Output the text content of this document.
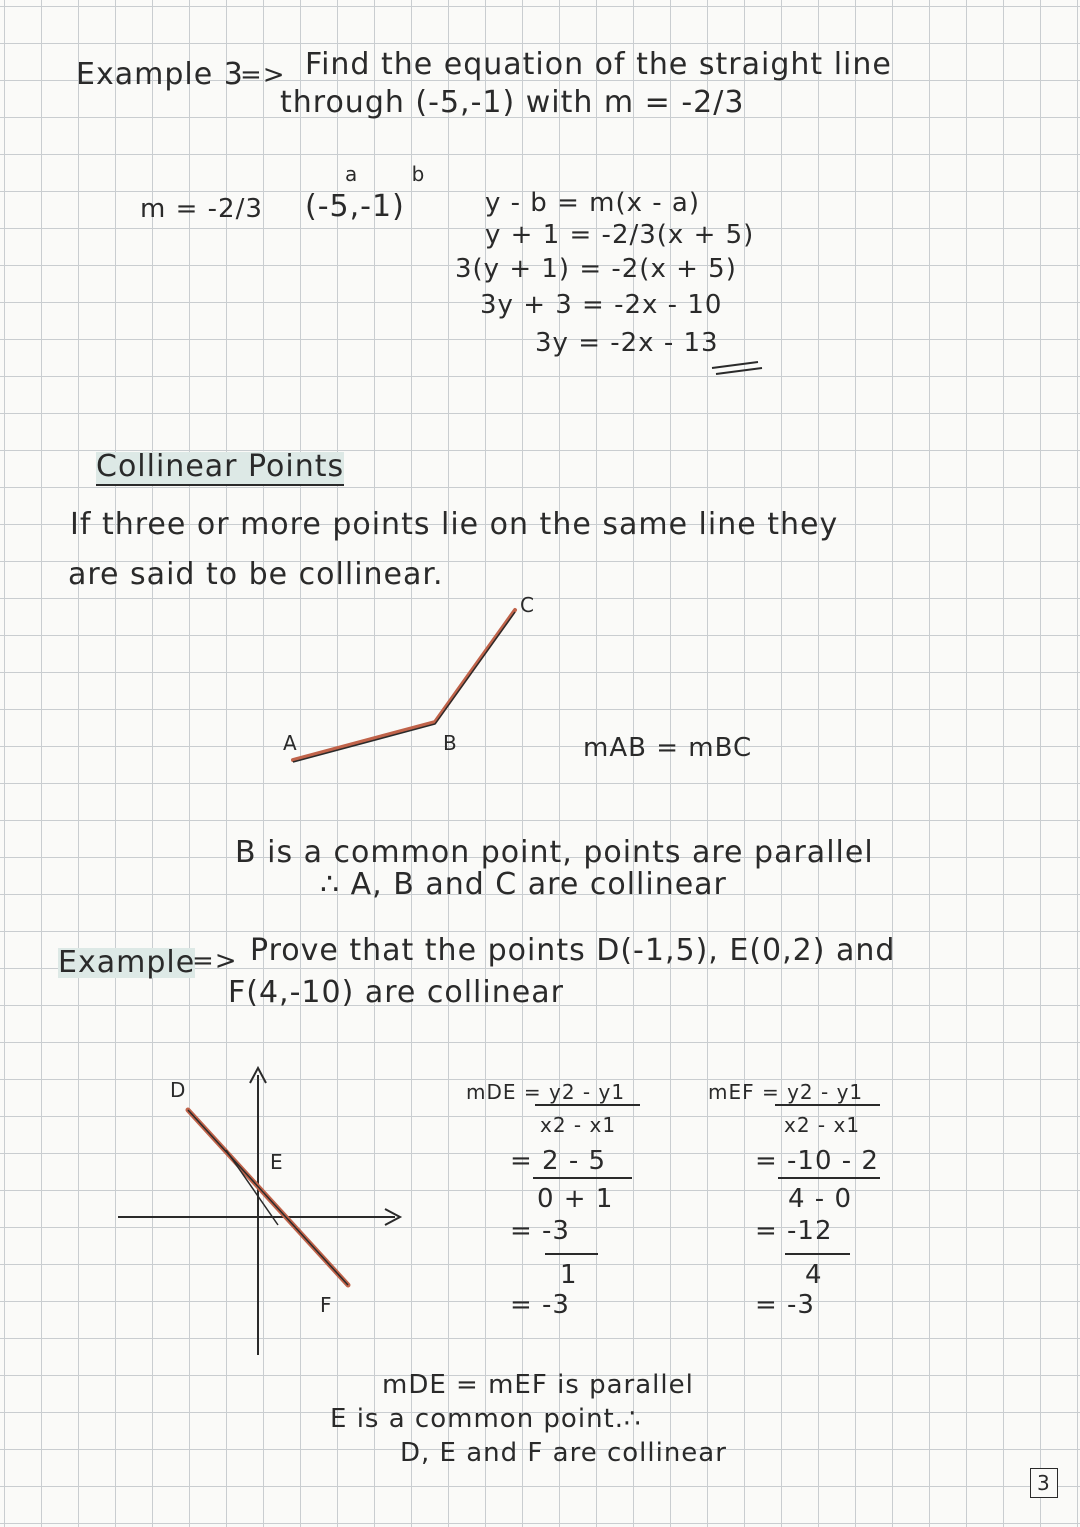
Example 3
=> Find the equation of the straight line
through (-5,-1) with m = -2/3
m = -2/3
a b
(-5,-1)	y - b = m(x - a)
y + 1 = -2/3(x + 5)
3(y + 1) = -2(x + 5)
3y + 3 = -2x - 10
3y = -2x - 13
Collinear Points
If three or more points lie on the same line they
are said to be collinear.
A	B
C
mAB = mBC
B is a common point, points are parallel
∴ A, B and C are collinear
Example
=> Prove that the points D(-1,5), E(0,2) and
F(4,-10) are collinear
D
E
F
mDE = y2 - y1
x2 - x1
= 2 - 5
0 + 1
= -3
1
= -3
mEF = y2 - y1
x2 - x1
= -10 - 2
4 - 0
= -12
4
= -3
mDE = mEF is parallel
E is a common point.∴
D, E and F are collinear
3
